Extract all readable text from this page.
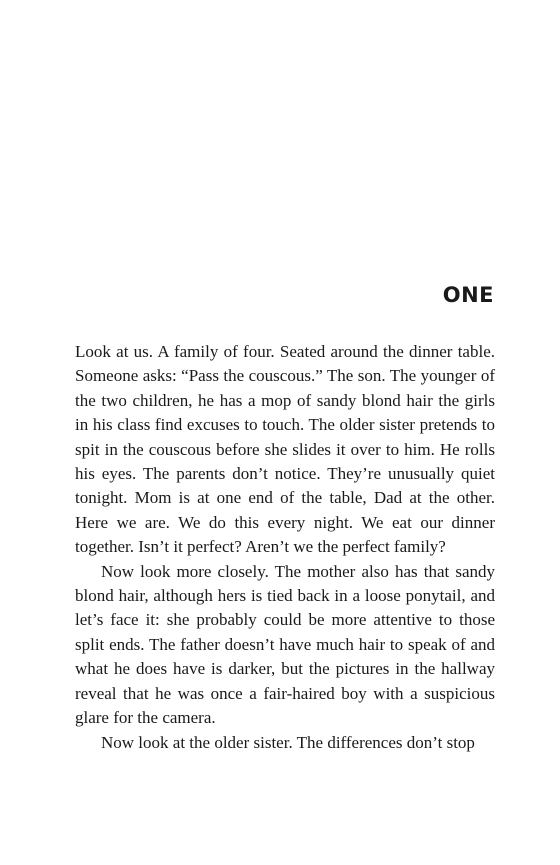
ONE

Look at us. A family of four. Seated around the dinner table. Someone asks: “Pass the couscous.” The son. The younger of the two children, he has a mop of sandy blond hair the girls in his class find excuses to touch. The older sister pretends to spit in the couscous before she slides it over to him. He rolls his eyes. The parents don’t notice. They’re unusually quiet tonight. Mom is at one end of the table, Dad at the other. Here we are. We do this every night. We eat our dinner together. Isn’t it perfect? Aren’t we the perfect family?

Now look more closely. The mother also has that sandy blond hair, although hers is tied back in a loose ponytail, and let’s face it: she probably could be more attentive to those split ends. The father doesn’t have much hair to speak of and what he does have is darker, but the pictures in the hallway reveal that he was once a fair-haired boy with a suspicious glare for the camera.

Now look at the older sister. The differences don’t stop
